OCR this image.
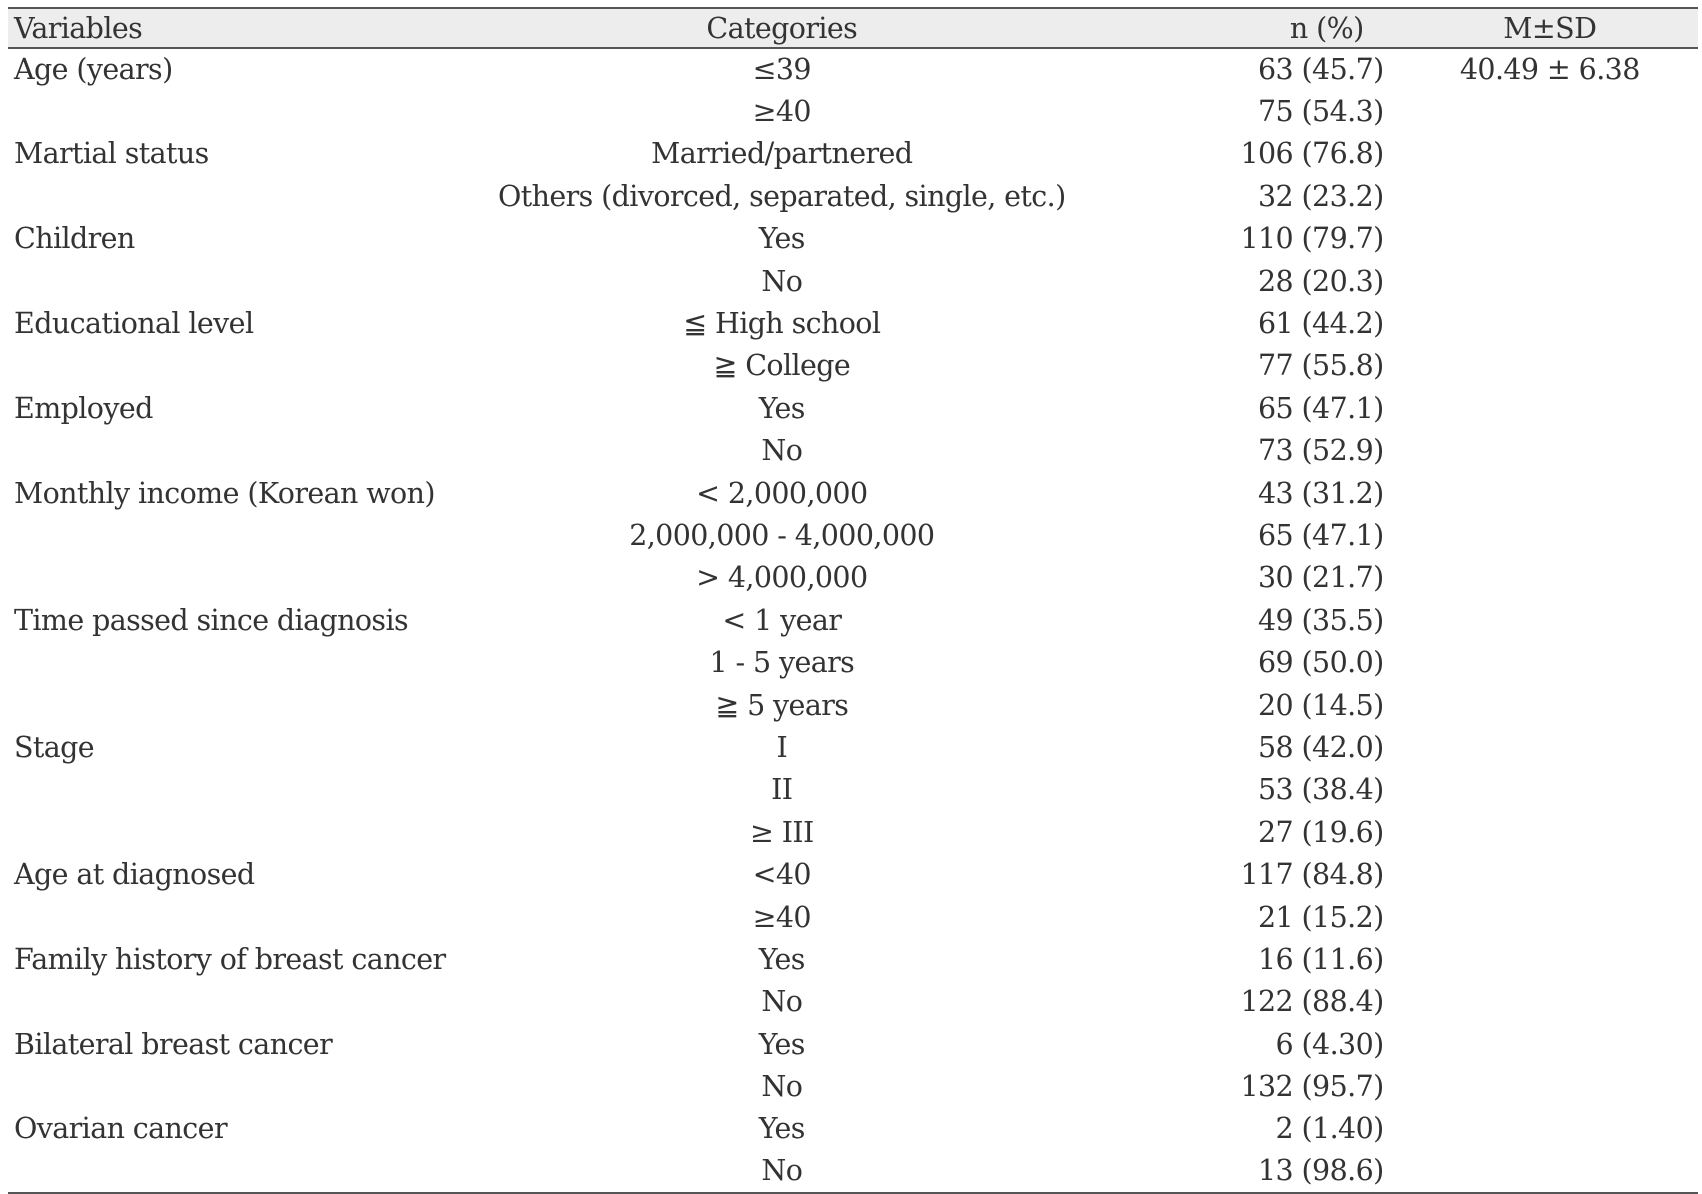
Variables	Categories	n (%)	M±SD
Age (years)	≤39	63 (45.7)	40.49 ± 6.38
	≥40	75 (54.3)	
Martial status	Married/partnered	106 (76.8)	
	Others (divorced, separated, single, etc.)	32 (23.2)	
Children	Yes	110 (79.7)	
	No	28 (20.3)	
Educational level	≦ High school	61 (44.2)	
	≧ College	77 (55.8)	
Employed	Yes	65 (47.1)	
	No	73 (52.9)	
Monthly income (Korean won)	< 2,000,000	43 (31.2)	
	2,000,000 - 4,000,000	65 (47.1)	
	> 4,000,000	30 (21.7)	
Time passed since diagnosis	< 1 year	49 (35.5)	
	1 - 5 years	69 (50.0)	
	≧ 5 years	20 (14.5)	
Stage	I	58 (42.0)	
	II	53 (38.4)	
	≥ III	27 (19.6)	
Age at diagnosed	<40	117 (84.8)	
	≥40	21 (15.2)	
Family history of breast cancer	Yes	16 (11.6)	
	No	122 (88.4)	
Bilateral breast cancer	Yes	6 (4.30)	
	No	132 (95.7)	
Ovarian cancer	Yes	2 (1.40)	
	No	13 (98.6)	
